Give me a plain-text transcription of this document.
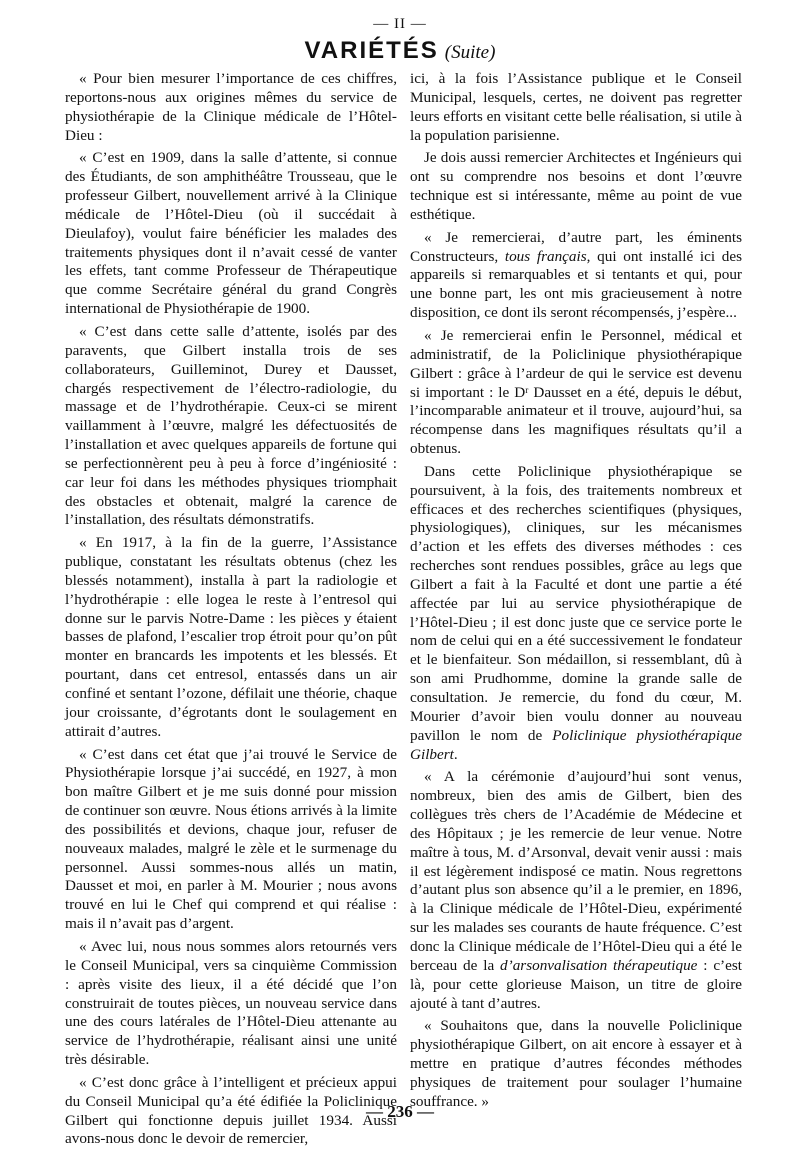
— II —
VARIÉTÉS (Suite)

« Pour bien mesurer l’importance de ces chiffres, reportons-nous aux origines mêmes du service de physiothérapie de la Clinique médicale de l’Hôtel-Dieu :

« C’est en 1909, dans la salle d’attente, si connue des Étudiants, de son amphithéâtre Trousseau, que le professeur Gilbert, nouvellement arrivé à la Clinique médicale de l’Hôtel-Dieu (où il succédait à Dieulafoy), voulut faire bénéficier les malades des traitements physiques dont il n’avait cessé de vanter les effets, tant comme Professeur de Thérapeutique que comme Secrétaire général du grand Congrès international de Physiothérapie de 1900.

« C’est dans cette salle d’attente, isolés par des paravents, que Gilbert installa trois de ses collaborateurs, Guilleminot, Durey et Dausset, chargés respectivement de l’électro-radiologie, du massage et de l’hydrothérapie. Ceux-ci se mirent vaillamment à l’œuvre, malgré les défectuosités de l’installation et avec quelques appareils de fortune qui se perfectionnèrent peu à peu à force d’ingéniosité : car leur foi dans les méthodes physiques triomphait des obstacles et obtenait, malgré la carence de l’installation, des résultats démonstratifs.

« En 1917, à la fin de la guerre, l’Assistance publique, constatant les résultats obtenus (chez les blessés notamment), installa à part la radiologie et l’hydrothérapie : elle logea le reste à l’entresol qui donne sur le parvis Notre-Dame : les pièces y étaient basses de plafond, l’escalier trop étroit pour qu’on pût monter en brancards les impotents et les blessés. Et pourtant, dans cet entresol, entassés dans un air confiné et sentant l’ozone, défilait une théorie, chaque jour croissante, d’égrotants dont le soulagement en attirait d’autres.

« C’est dans cet état que j’ai trouvé le Service de Physiothérapie lorsque j’ai succédé, en 1927, à mon bon maître Gilbert et je me suis donné pour mission de continuer son œuvre. Nous étions arrivés à la limite des possibilités et devions, chaque jour, refuser de nouveaux malades, malgré le zèle et le surmenage du personnel. Aussi sommes-nous allés un matin, Dausset et moi, en parler à M. Mourier ; nous avons trouvé en lui le Chef qui comprend et qui réalise : mais il n’avait pas d’argent.

« Avec lui, nous nous sommes alors retournés vers le Conseil Municipal, vers sa cinquième Commission : après visite des lieux, il a été décidé que l’on construirait de toutes pièces, un nouveau service dans une des cours latérales de l’Hôtel-Dieu attenante au service de l’hydrothérapie, réalisant ainsi une unité très désirable.

« C’est donc grâce à l’intelligent et précieux appui du Conseil Municipal qu’a été édifiée la Policlinique Gilbert qui fonctionne depuis juillet 1934. Aussi avons-nous donc le devoir de remercier,

ici, à la fois l’Assistance publique et le Conseil Municipal, lesquels, certes, ne doivent pas regretter leurs efforts en visitant cette belle réalisation, si utile à la population parisienne.

Je dois aussi remercier Architectes et Ingénieurs qui ont su comprendre nos besoins et dont l’œuvre technique est si intéressante, même au point de vue esthétique.

« Je remercierai, d’autre part, les éminents Constructeurs, tous français, qui ont installé ici des appareils si remarquables et si tentants et qui, pour une bonne part, les ont mis gracieusement à notre disposition, ce dont ils seront récompensés, j’espère...

« Je remercierai enfin le Personnel, médical et administratif, de la Policlinique physiothérapique Gilbert : grâce à l’ardeur de qui le service est devenu si important : le Dʳ Dausset en a été, depuis le début, l’incomparable animateur et il trouve, aujourd’hui, sa récompense dans les magnifiques résultats qu’il a obtenus.

Dans cette Policlinique physiothérapique se poursuivent, à la fois, des traitements nombreux et efficaces et des recherches scientifiques (physiques, physiologiques), cliniques, sur les mécanismes d’action et les effets des diverses méthodes : ces recherches sont rendues possibles, grâce au legs que Gilbert a fait à la Faculté et dont une partie a été affectée par lui au service physiothérapique de l’Hôtel-Dieu ; il est donc juste que ce service porte le nom de celui qui en a été successivement le fondateur et le bienfaiteur. Son médaillon, si ressemblant, dû à son ami Prudhomme, domine la grande salle de consultation. Je remercie, du fond du cœur, M. Mourier d’avoir bien voulu donner au nouveau pavillon le nom de Policlinique physiothérapique Gilbert.

« A la cérémonie d’aujourd’hui sont venus, nombreux, bien des amis de Gilbert, bien des collègues très chers de l’Académie de Médecine et des Hôpitaux ; je les remercie de leur venue. Notre maître à tous, M. d’Arsonval, devait venir aussi : mais il est légèrement indisposé ce matin. Nous regrettons d’autant plus son absence qu’il a le premier, en 1896, à la Clinique médicale de l’Hôtel-Dieu, expérimenté sur les malades ses courants de haute fréquence. C’est donc la Clinique médicale de l’Hôtel-Dieu qui a été le berceau de la d’arsonvalisation thérapeutique : c’est là, pour cette glorieuse Maison, un titre de gloire ajouté à tant d’autres.

« Souhaitons que, dans la nouvelle Policlinique physiothérapique Gilbert, on ait encore à essayer et à mettre en pratique d’autres fécondes méthodes physiques de traitement pour soulager l’humaine souffrance. »

— 236 —
